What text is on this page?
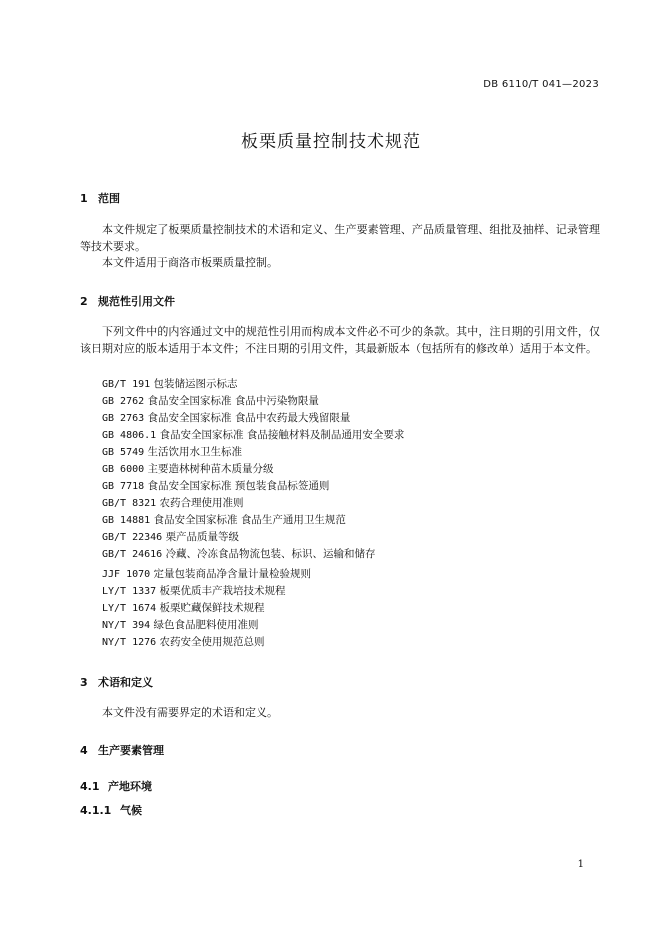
DB 6110/T 041—2023
板栗质量控制技术规范
1 范围
本文件规定了板栗质量控制技术的术语和定义、生产要素管理、产品质量管理、组批及抽样、记录管理等技术要求。
本文件适用于商洛市板栗质量控制。
2 规范性引用文件
下列文件中的内容通过文中的规范性引用而构成本文件必不可少的条款。其中，注日期的引用文件，仅该日期对应的版本适用于本文件；不注日期的引用文件，其最新版本（包括所有的修改单）适用于本文件。
GB/T 191 包装储运图示标志
GB 2762 食品安全国家标准 食品中污染物限量
GB 2763 食品安全国家标准 食品中农药最大残留限量
GB 4806.1 食品安全国家标准 食品接触材料及制品通用安全要求
GB 5749 生活饮用水卫生标准
GB 6000 主要造林树种苗木质量分级
GB 7718 食品安全国家标准 预包装食品标签通则
GB/T 8321 农药合理使用准则
GB 14881 食品安全国家标准 食品生产通用卫生规范
GB/T 22346 栗产品质量等级
GB/T 24616 冷藏、冷冻食品物流包装、标识、运输和储存
JJF 1070 定量包装商品净含量计量检验规则
LY/T 1337 板栗优质丰产栽培技术规程
LY/T 1674 板栗贮藏保鲜技术规程
NY/T 394 绿色食品肥料使用准则
NY/T 1276 农药安全使用规范总则
3 术语和定义
本文件没有需要界定的术语和定义。
4 生产要素管理
4.1 产地环境
4.1.1 气候
1
